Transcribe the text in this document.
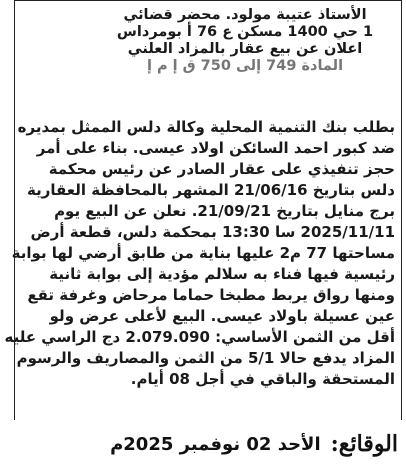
الأستاذ عتيبة مولود. محضر قضائي
1 حي 1400 مسكن ع 76 أ بومرداس
اعلان عن بيع عقار بالمزاد العلني
المادة 749 إلى 750 ق إ م إ
بطلب بنك التنمية المحلية وكالة دلس الممثل بمديره
ضد كبور احمد السائكن اولاد عيسى. بناء على أمر
حجز تنفيذي على عقار الصادر عن رئيس محكمة
دلس بتاريخ 21/06/16 المشهر بالمحافظة العقارية
برج منايل بتاريخ 21/09/21. نعلن عن البيع يوم
2025/11/11 سا 13:30 بمحكمة دلس، قطعة أرض
مساحتها 77 م2 عليها بناية من طابق أرضي لها بوابة
رئيسية فيها فناء به سلالم مؤدية إلى بوابة ثانية
ومنها رواق يربط مطبخا حماما مرحاض وغرفة تقع
عين عسيلة باولاد عيسى. البيع لأعلى عرض ولو
أقل من الثمن الأساسي: 2.079.090 دج الراسي عليه
المزاد يدفع حالا 5/1 من الثمن والمصاريف والرسوم
المستحقة والباقي في أجل 08 أيام.
الوقائع:
الأحد 02 نوفمبر 2025م
